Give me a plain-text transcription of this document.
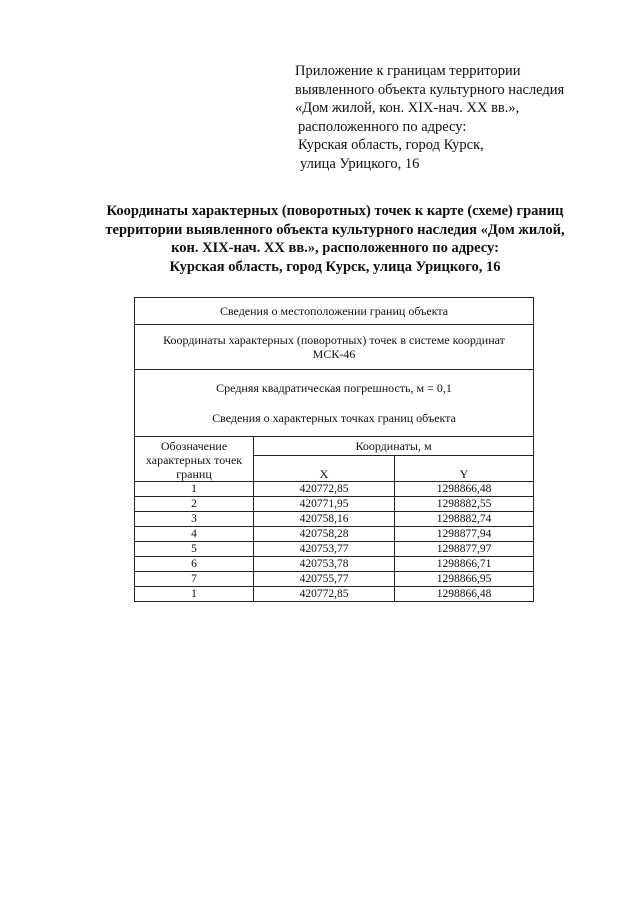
Приложение к границам территории
выявленного объекта культурного наследия
«Дом жилой, кон. XIX-нач. XX вв.»,
расположенного по адресу:
Курская область, город Курск,
улица Урицкого, 16
Координаты характерных (поворотных) точек к карте (схеме) границ
территории выявленного объекта культурного наследия «Дом жилой,
кон. XIX-нач. XX вв.», расположенного по адресу:
Курская область, город Курск, улица Урицкого, 16
Сведения о местоположении границ объекта		

Координаты характерных (поворотных) точек в системе координат
МСК-46		

Средняя квадратическая погрешность, м = 0,1
Сведения о характерных точках границ объекта		

Обозначение характерных точек границ	Координаты, м	
	X	Y
1	420772,85	1298866,48
2	420771,95	1298882,55
3	420758,16	1298882,74
4	420758,28	1298877,94
5	420753,77	1298877,97
6	420753,78	1298866,71
7	420755,77	1298866,95
1	420772,85	1298866,48
